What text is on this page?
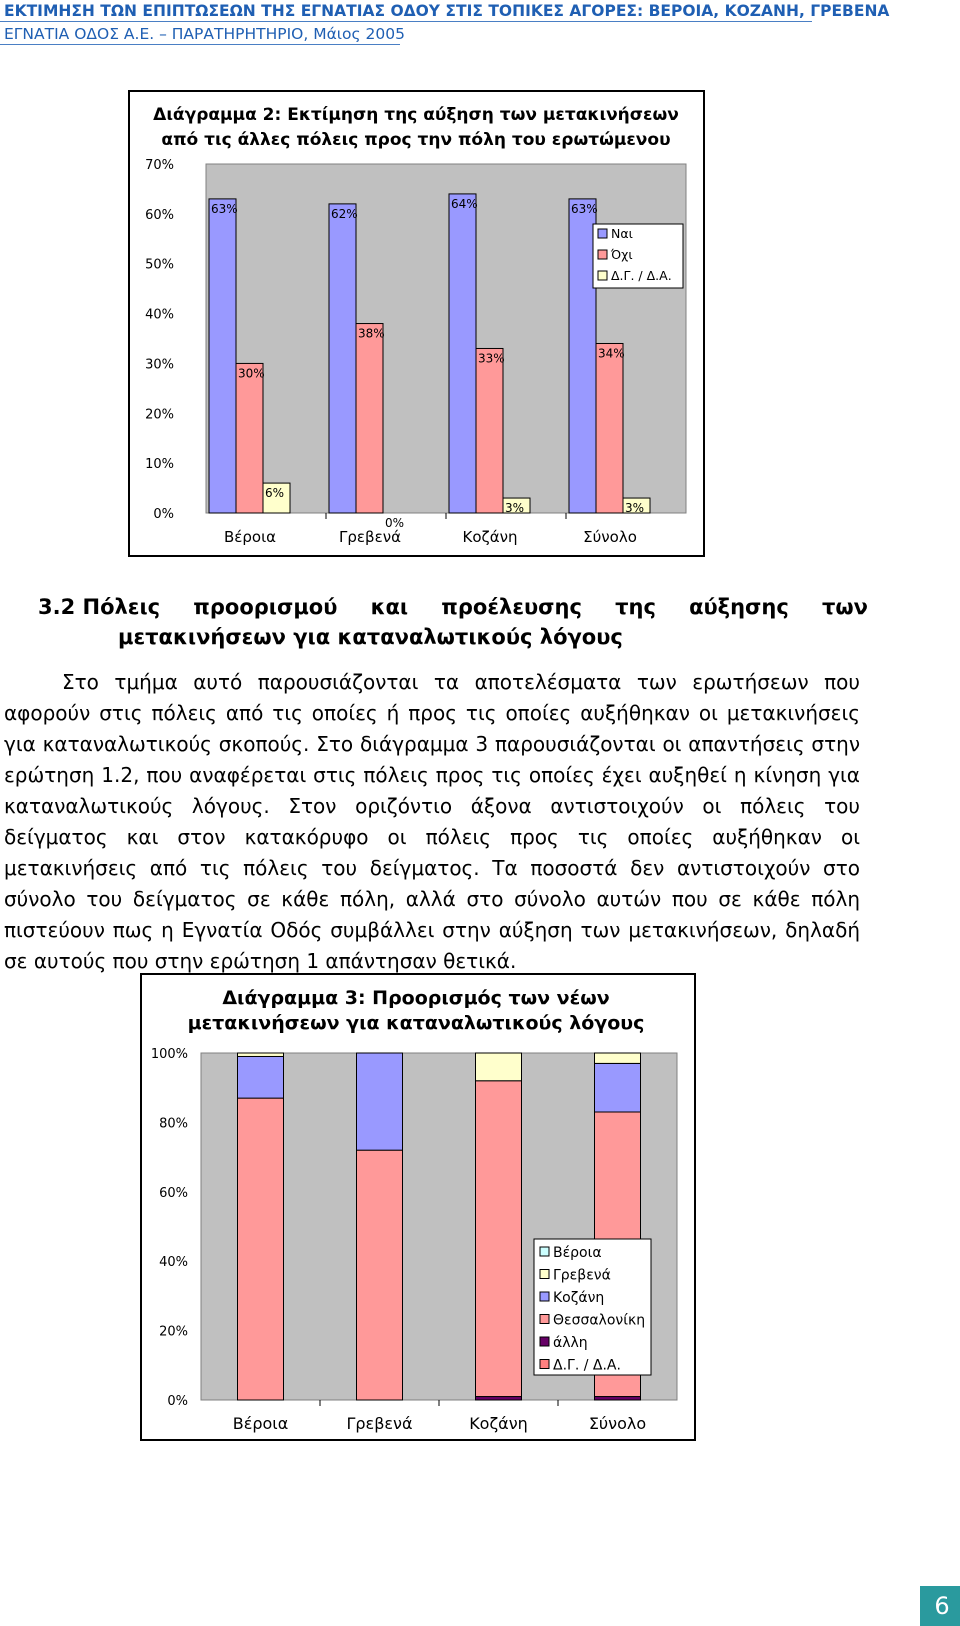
ΕΚΤΙΜΗΣΗ ΤΩΝ ΕΠΙΠΤΩΣΕΩΝ ΤΗΣ ΕΓΝΑΤΙΑΣ ΟΔΟΥ ΣΤΙΣ ΤΟΠΙΚΕΣ ΑΓΟΡΕΣ: ΒΕΡΟΙΑ, ΚΟΖΑΝΗ, ΓΡΕΒΕΝΑ
ΕΓΝΑΤΙΑ ΟΔΟΣ Α.Ε. – ΠΑΡΑΤΗΡΗΤΗΡΙΟ, Μάιος 2005
Διάγραμμα 2: Εκτίμηση της αύξηση των μετακινήσεων
από τις άλλες πόλεις προς την πόλη του ερωτώμενου
0%
10%
20%
30%
40%
50%
60%
70%
63%
30%
6%
Βέροια
62%
38%
0%
Γρεβενά
64%
33%
3%
Κοζάνη
63%
34%
3%
Σύνολο
Ναι
Όχι
Δ.Γ. / Δ.Α.
3.2 Πόλεις προορισμού και προέλευσης της αύξησης των
μετακινήσεων για καταναλωτικούς λόγους
Στο τμήμα αυτό παρουσιάζονται τα αποτελέσματα των ερωτήσεων που αφορούν στις πόλεις από τις οποίες ή προς τις οποίες αυξήθηκαν οι μετακινήσεις για καταναλωτικούς σκοπούς. Στο διάγραμμα 3 παρουσιάζονται οι απαντήσεις στην ερώτηση 1.2, που αναφέρεται στις πόλεις προς τις οποίες έχει αυξηθεί η κίνηση για καταναλωτικούς λόγους. Στον οριζόντιο άξονα αντιστοιχούν οι πόλεις του δείγματος και στον κατακόρυφο οι πόλεις προς τις οποίες αυξήθηκαν οι μετακινήσεις από τις πόλεις του δείγματος. Τα ποσοστά δεν αντιστοιχούν στο σύνολο του δείγματος σε κάθε πόλη, αλλά στο σύνολο αυτών που σε κάθε πόλη πιστεύουν πως η Εγνατία Οδός συμβάλλει στην αύξηση των μετακινήσεων, δηλαδή σε αυτούς που στην ερώτηση 1 απάντησαν θετικά.
Διάγραμμα 3: Προορισμός των νέων
μετακινήσεων για καταναλωτικούς λόγους
0%
20%
40%
60%
80%
100%
Βέροια	Γρεβενά	Κοζάνη	Σύνολο
Βέροια
Γρεβενά
Κοζάνη
Θεσσαλονίκη
άλλη
Δ.Γ. / Δ.Α.
6
